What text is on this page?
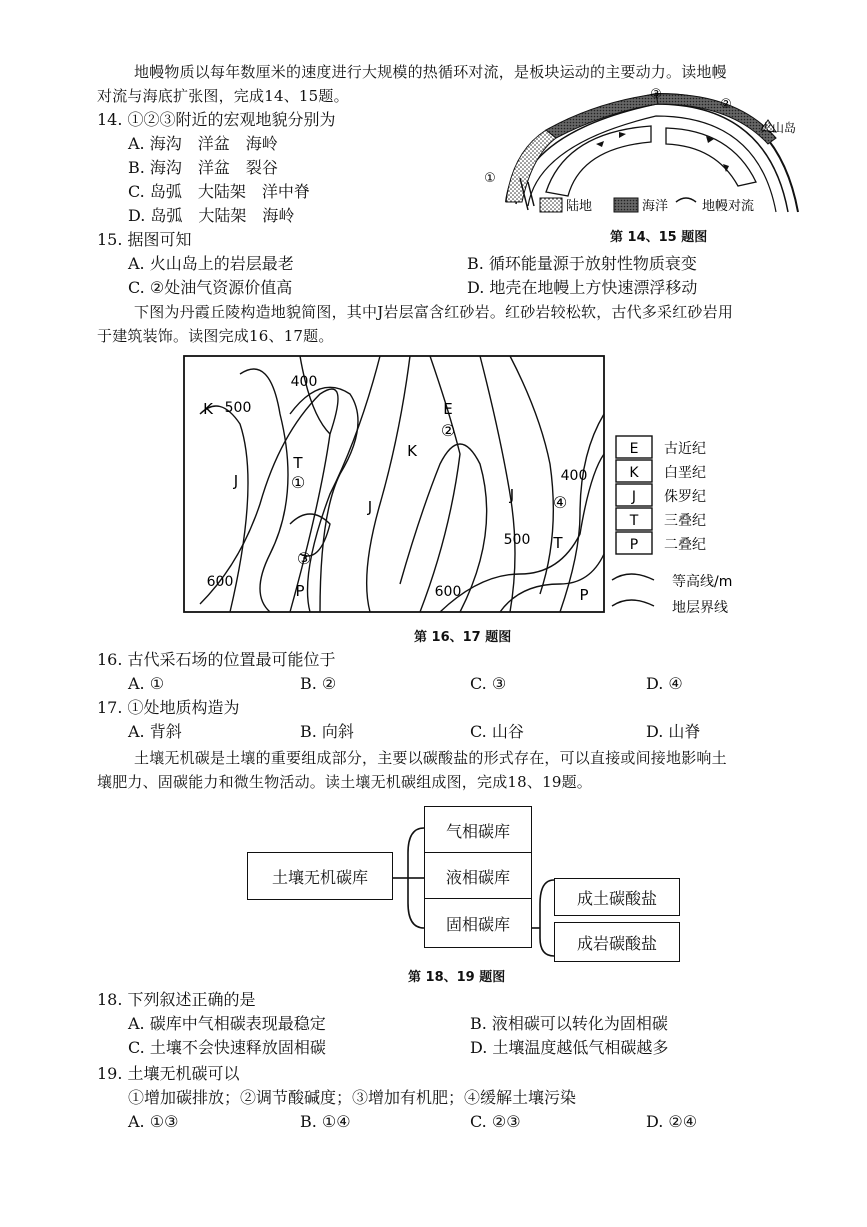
地幔物质以每年数厘米的速度进行大规模的热循环对流，是板块运动的主要动力。读地幔
对流与海底扩张图，完成14、15题。
14. ①②③附近的宏观地貌分别为
A. 海沟　洋盆　海岭
B. 海沟　洋盆　裂谷
C. 岛弧　大陆架　洋中脊
D. 岛弧　大陆架　海岭
③
②
①
火山岛
陆地	海洋	地幔对流
第 14、15 题图
15. 据图可知
A. 火山岛上的岩层最老	B. 循环能量源于放射性物质衰变
C. ②处油气资源价值高	D. 地壳在地幔上方快速漂浮移动
下图为丹霞丘陵构造地貌简图，其中J岩层富含红砂岩。红砂岩较松软，古代多采红砂岩用
于建筑装饰。读图完成16、17题。
400
500
600
600
400
500
K
J
T
P
E
K
J
J
T
P
①
②
③
④
E
K
J
T
P
古近纪
白垩纪
侏罗纪
三叠纪
二叠纪
等高线/m
地层界线
第 16、17 题图
16. 古代采石场的位置最可能位于
A. ①	B. ②	C. ③	D. ④
17. ①处地质构造为
A. 背斜	B. 向斜	C. 山谷	D. 山脊
土壤无机碳是土壤的重要组成部分，主要以碳酸盐的形式存在，可以直接或间接地影响土
壤肥力、固碳能力和微生物活动。读土壤无机碳组成图，完成18、19题。
土壤无机碳库
气相碳库
液相碳库
固相碳库
成土碳酸盐
成岩碳酸盐
第 18、19 题图
18. 下列叙述正确的是
A. 碳库中气相碳表现最稳定	B. 液相碳可以转化为固相碳
C. 土壤不会快速释放固相碳	D. 土壤温度越低气相碳越多
19. 土壤无机碳可以
①增加碳排放；②调节酸碱度；③增加有机肥；④缓解土壤污染
A. ①③	B. ①④	C. ②③	D. ②④
